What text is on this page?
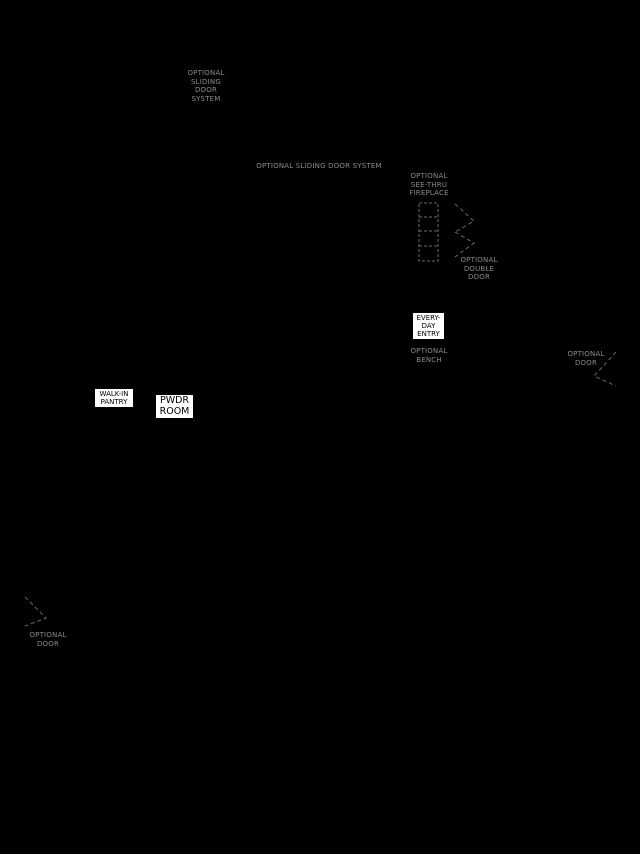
OPTIONAL
SLIDING
DOOR
SYSTEM
OPTIONAL SLIDING DOOR SYSTEM
OPTIONAL
SEE-THRU
FIREPLACE
OPTIONAL
DOUBLE
DOOR
EVERY-
DAY
ENTRY
OPTIONAL
BENCH
OPTIONAL
DOOR
WALK-IN
PANTRY	PWDR
ROOM
OPTIONAL
DOOR
